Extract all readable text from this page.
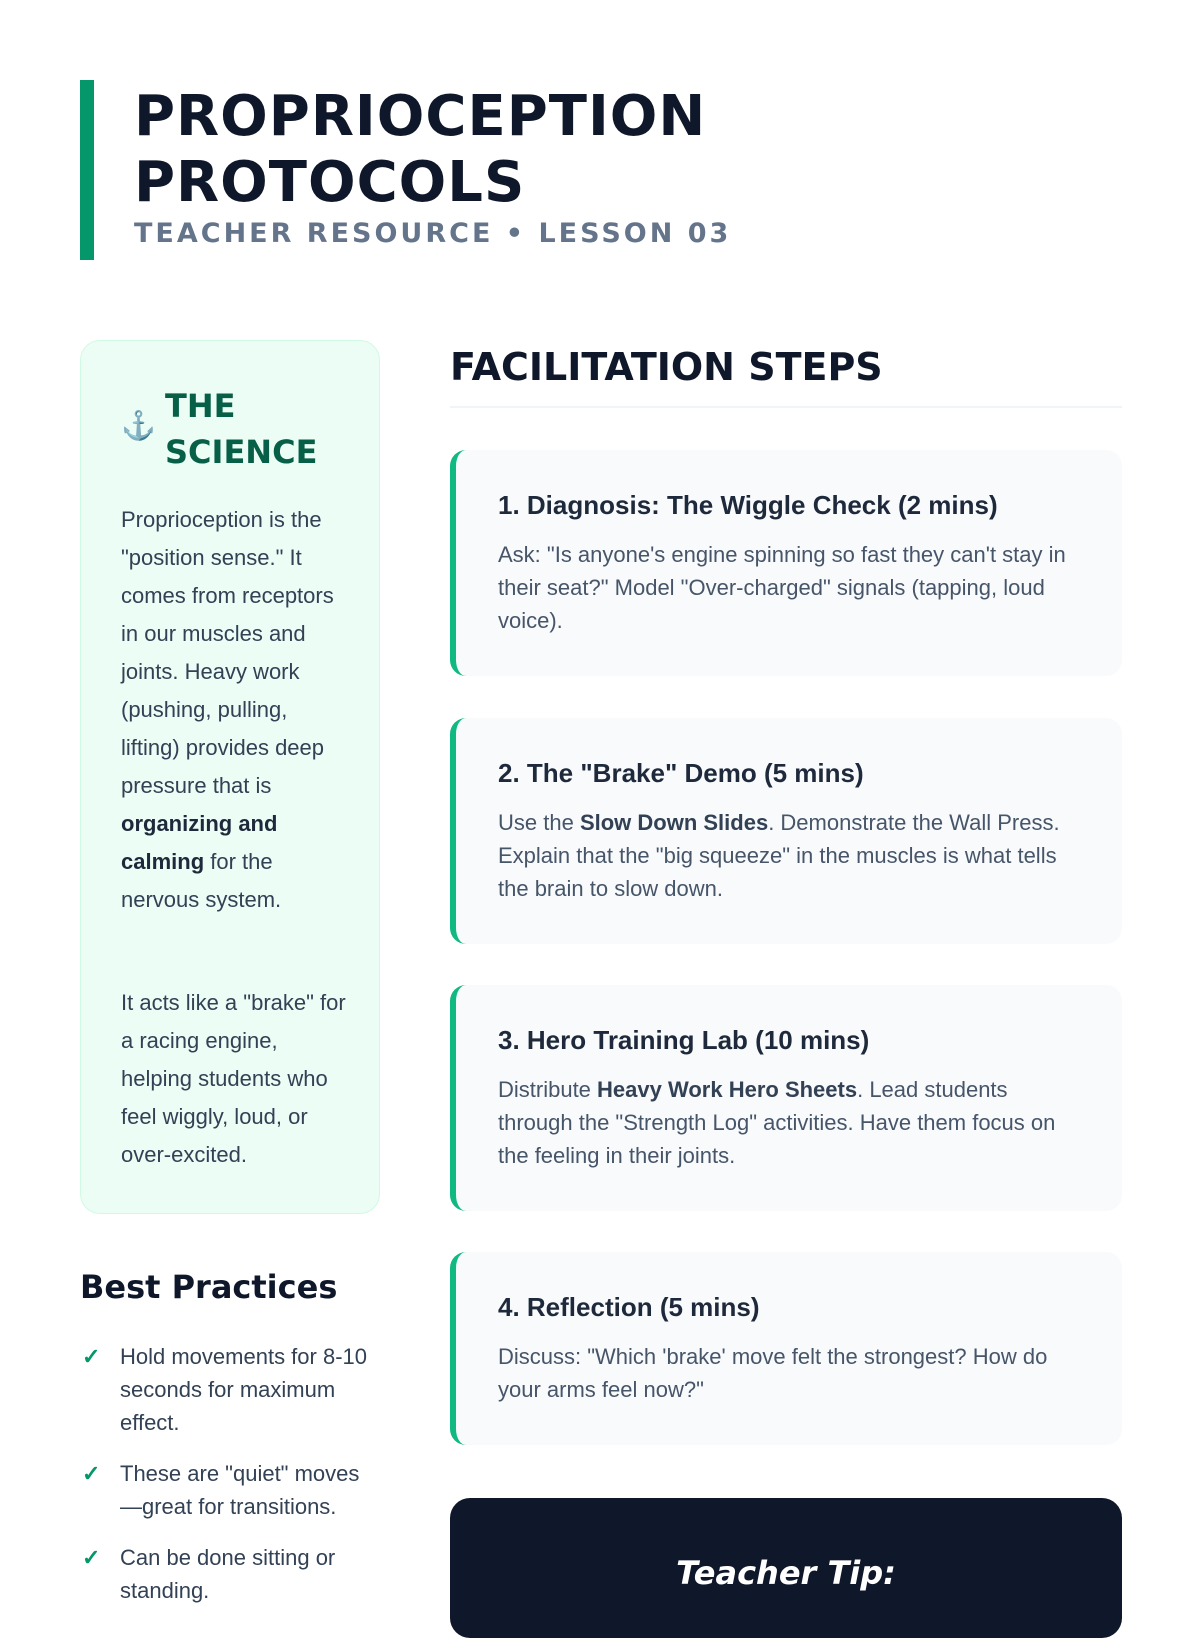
PROPRIOCEPTION
PROTOCOLS
TEACHER RESOURCE • LESSON 03
⚓
THE
SCIENCE

Proprioception is the "position sense." It comes from receptors in our muscles and joints. Heavy work (pushing, pulling, lifting) provides deep pressure that is organizing and calming for the nervous system.

It acts like a "brake" for a racing engine, helping students who feel wiggly, loud, or over-excited.

Best Practices
✓ Hold movements for 8-10 seconds for maximum effect.
✓ These are "quiet" moves—great for transitions.
✓ Can be done sitting or standing.
FACILITATION STEPS
1. Diagnosis: The Wiggle Check (2 mins)

Ask: "Is anyone's engine spinning so fast they can't stay in their seat?" Model "Over-charged" signals (tapping, loud voice).

2. The "Brake" Demo (5 mins)

Use the Slow Down Slides. Demonstrate the Wall Press. Explain that the "big squeeze" in the muscles is what tells the brain to slow down.

3. Hero Training Lab (10 mins)

Distribute Heavy Work Hero Sheets. Lead students through the "Strength Log" activities. Have them focus on the feeling in their joints.

4. Reflection (5 mins)

Discuss: "Which 'brake' move felt the strongest? How do your arms feel now?"

Teacher Tip:
